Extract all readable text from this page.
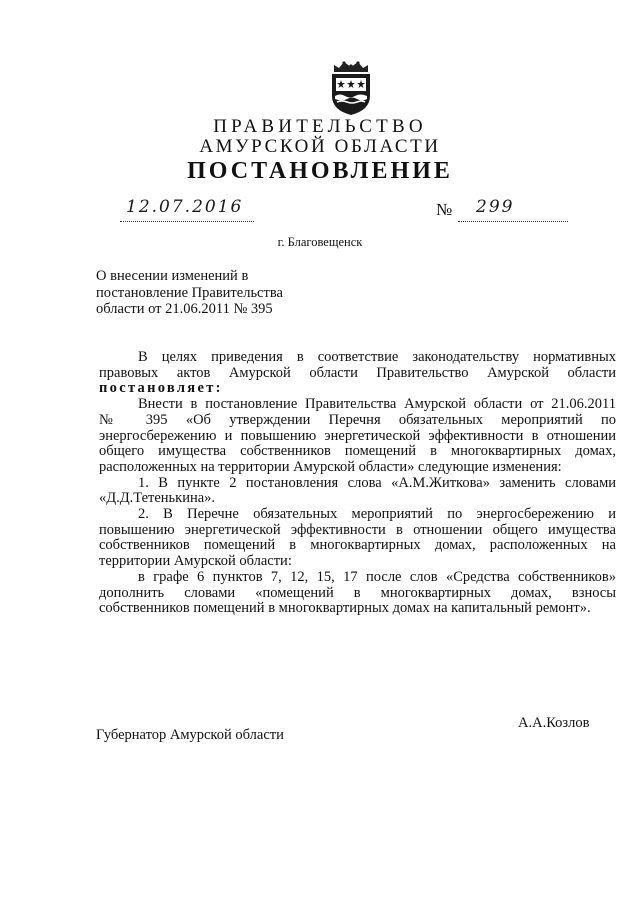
ПРАВИТЕЛЬСТВО
АМУРСКОЙ ОБЛАСТИ
ПОСТАНОВЛЕНИЕ
12.07.2016	№ 299
г. Благовещенск
О внесении изменений в
постановление Правительства
области от 21.06.2011 № 395
В целях приведения в соответствие законодательству нормативных
правовых актов Амурской области Правительство Амурской области
постановляет:
Внести в постановление Правительства Амурской области от 21.06.2011
№ 395 «Об утверждении Перечня обязательных мероприятий по
энергосбережению и повышению энергетической эффективности в отношении
общего имущества собственников помещений в многоквартирных домах,
расположенных на территории Амурской области» следующие изменения:
1. В пункте 2 постановления слова «А.М.Житкова» заменить словами
«Д.Д.Тетенькина».
2. В Перечне обязательных мероприятий по энергосбережению и
повышению энергетической эффективности в отношении общего имущества
собственников помещений в многоквартирных домах, расположенных на
территории Амурской области:
в графе 6 пунктов 7, 12, 15, 17 после слов «Средства собственников»
дополнить словами «помещений в многоквартирных домах, взносы
собственников помещений в многоквартирных домах на капитальный ремонт».
Губернатор Амурской области
А.А.Козлов
